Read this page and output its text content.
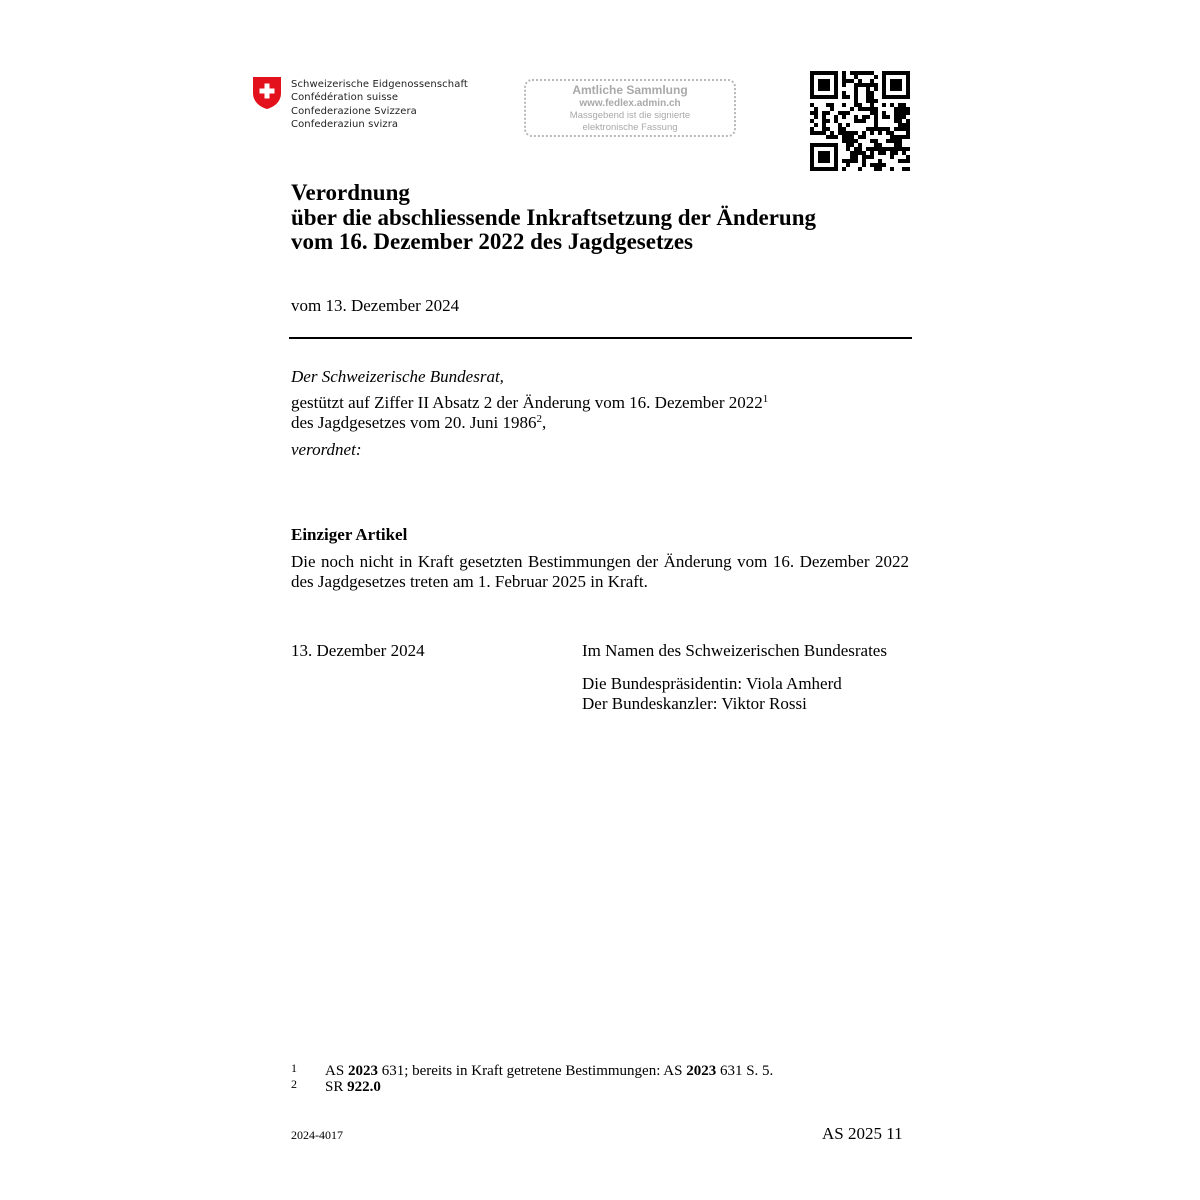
Schweizerische Eidgenossenschaft
Confédération suisse
Confederazione Svizzera
Confederaziun svizra
Amtliche Sammlung
www.fedlex.admin.ch
Massgebend ist die signierte
elektronische Fassung
Verordnung
über die abschliessende Inkraftsetzung der Änderung
vom 16. Dezember 2022 des Jagdgesetzes
vom 13. Dezember 2024
Der Schweizerische Bundesrat,
gestützt auf Ziffer II Absatz 2 der Änderung vom 16. Dezember 2022$^1$
des Jagdgesetzes vom 20. Juni 1986$^2$,
verordnet:
Einziger Artikel
Die noch nicht in Kraft gesetzten Bestimmungen der Änderung vom 16. Dezember 2022 des Jagdgesetzes treten am 1. Februar 2025 in Kraft.
13. Dezember 2024	Im Namen des Schweizerischen Bundesrates
Die Bundespräsidentin: Viola Amherd
Der Bundeskanzler: Viktor Rossi
1	AS 2023 631; bereits in Kraft getretene Bestimmungen: AS 2023 631 S. 5.
2	SR 922.0
2024-4017	AS 2025 11
